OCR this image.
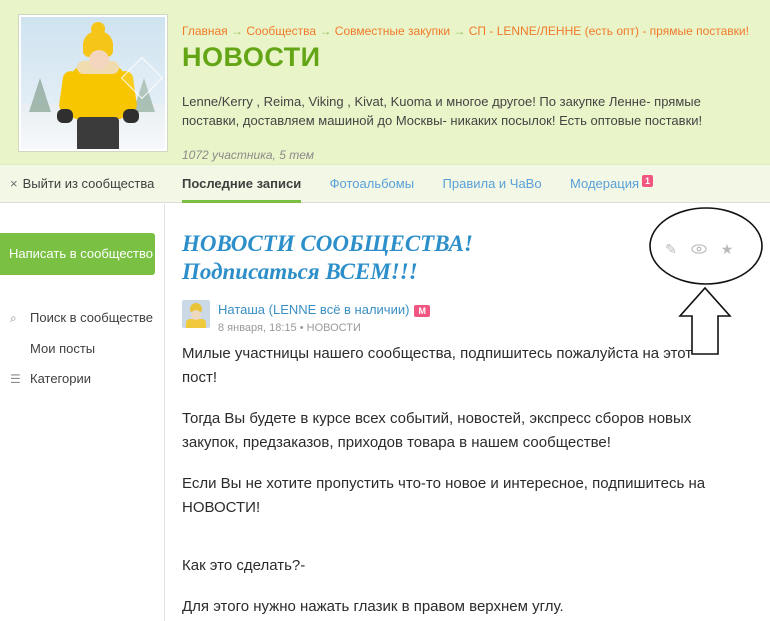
Главная → Сообщества → Совместные закупки → СП - LENNE/ЛЕННЕ (есть опт) - прямые поставки!
НОВОСТИ
Lenne/Kerry , Reima, Viking , Kivat, Kuoma и многое другое! По закупке Ленне- прямые поставки, доставляем машиной до Москвы- никаких посылок! Есть оптовые поставки!
1072 участника, 5 тем
× Выйти из сообщества Последние записи Фотоальбомы Правила и ЧаВо Модерация 1
Написать в сообщество
⌕ Поиск в сообществе
Мои посты
☰ Категории
НОВОСТИ СООБЩЕСТВА!
Подписаться ВСЕМ!!!
Наташа (LENNE всё в наличии) М
8 января, 18:15 • НОВОСТИ

Милые участницы нашего сообщества, подпишитесь пожалуйста на этот пост!

Тогда Вы будете в курсе всех событий, новостей, экспресс сборов новых закупок, предзаказов, приходов товара в нашем сообществе!

Если Вы не хотите пропустить что-то новое и интересное, подпишитесь на НОВОСТИ!

Как это сделать?-

Для этого нужно нажать глазик в правом верхнем углу.

✎	★
